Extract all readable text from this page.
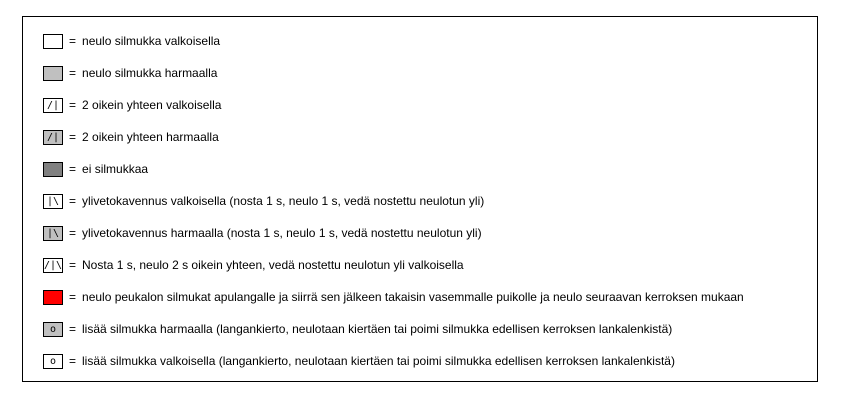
= neulo silmukka valkoisella
= neulo silmukka harmaalla
/| = 2 oikein yhteen valkoisella
/| = 2 oikein yhteen harmaalla
= ei silmukkaa
|\ = ylivetokavennus valkoisella (nosta 1 s, neulo 1 s, vedä nostettu neulotun yli)
|\ = ylivetokavennus harmaalla (nosta 1 s, neulo 1 s, vedä nostettu neulotun yli)
/|\ = Nosta 1 s, neulo 2 s oikein yhteen, vedä nostettu neulotun yli valkoisella
= neulo peukalon silmukat apulangalle ja siirrä sen jälkeen takaisin vasemmalle puikolle ja neulo seuraavan kerroksen mukaan
o	= lisää silmukka harmaalla (langankierto, neulotaan kiertäen tai poimi silmukka edellisen kerroksen lankalenkistä)
o	= lisää silmukka valkoisella (langankierto, neulotaan kiertäen tai poimi silmukka edellisen kerroksen lankalenkistä)
